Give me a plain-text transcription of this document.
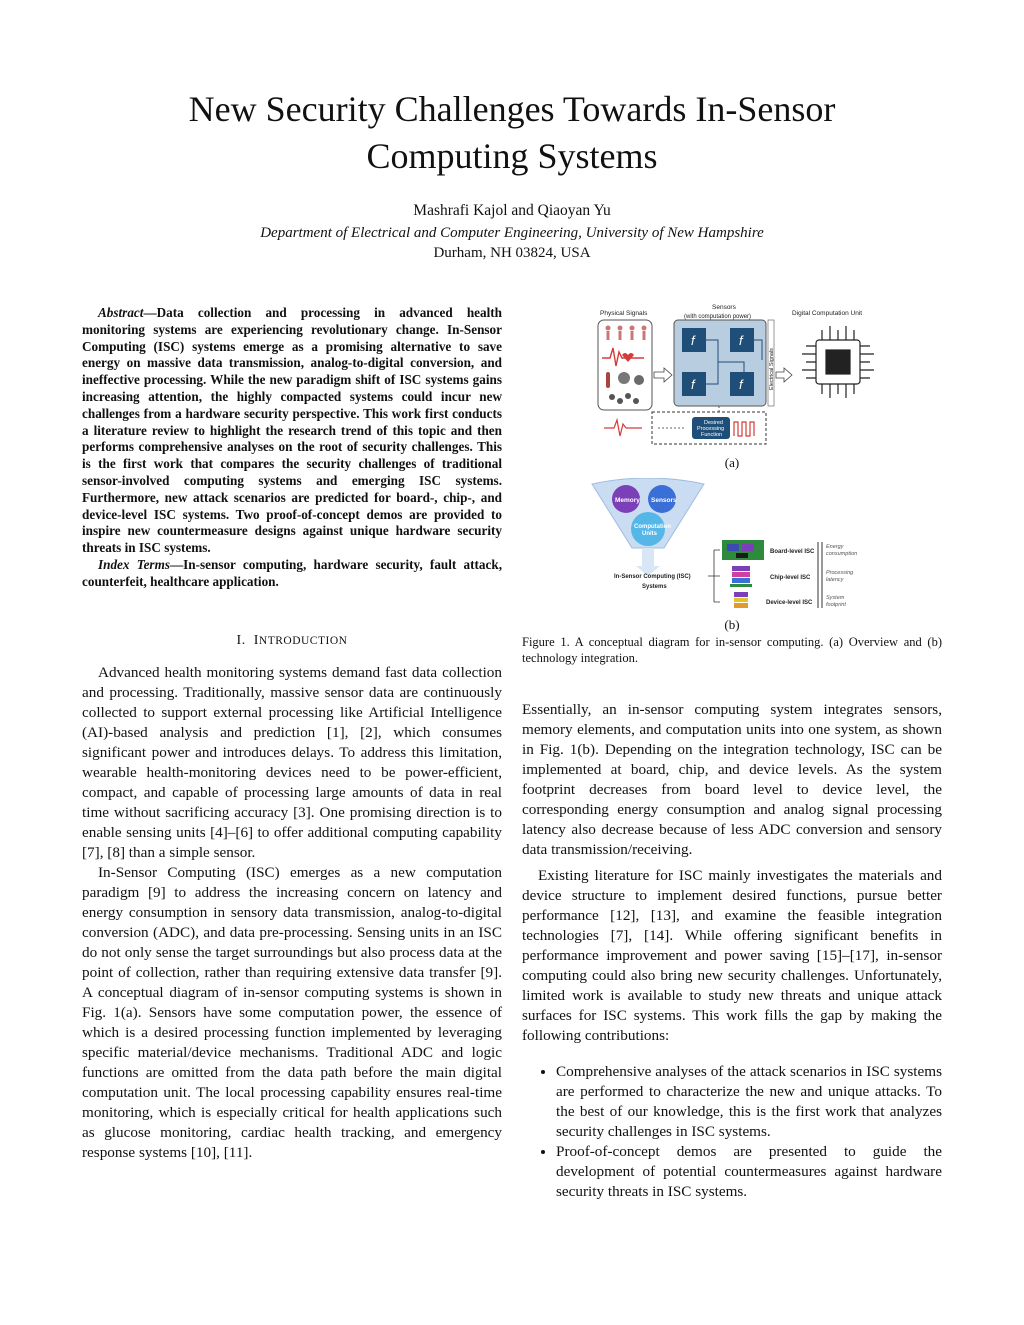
New Security Challenges Towards In-Sensor
Computing Systems
Mashrafi Kajol and Qiaoyan Yu
Department of Electrical and Computer Engineering, University of New Hampshire
Durham, NH 03824, USA

Abstract—Data collection and processing in advanced health monitoring systems are experiencing revolutionary change. In-Sensor Computing (ISC) systems emerge as a promising alternative to save energy on massive data transmission, analog-to-digital conversion, and ineffective processing. While the new paradigm shift of ISC systems gains increasing attention, the highly compacted systems could incur new challenges from a hardware security perspective. This work first conducts a literature review to highlight the research trend of this topic and then performs comprehensive analyses on the root of security challenges. This is the first work that compares the security challenges of traditional sensor-involved computing systems and emerging ISC systems. Furthermore, new attack scenarios are predicted for board-, chip-, and device-level ISC systems. Two proof-of-concept demos are provided to inspire new countermeasure designs against unique hardware security threats in ISC systems.

Index Terms—In-sensor computing, hardware security, fault attack, counterfeit, healthcare application.

I. INTRODUCTION

Advanced health monitoring systems demand fast data collection and processing. Traditionally, massive sensor data are continuously collected to support external processing like Artificial Intelligence (AI)-based analysis and prediction [1], [2], which consumes significant power and introduces delays. To address this limitation, wearable health-monitoring devices need to be power-efficient, compact, and capable of processing large amounts of data in real time without sacrificing accuracy [3]. One promising direction is to enable sensing units [4]–[6] to offer additional computing capability [7], [8] than a simple sensor.

In-Sensor Computing (ISC) emerges as a new computation paradigm [9] to address the increasing concern on latency and energy consumption in sensory data transmission, analog-to-digital conversion (ADC), and data pre-processing. Sensing units in an ISC do not only sense the target surroundings but also process data at the point of collection, rather than requiring extensive data transfer [9]. A conceptual diagram of in-sensor computing systems is shown in Fig. 1(a). Sensors have some computation power, the essence of which is a desired processing function implemented by leveraging specific material/device mechanisms. Traditional ADC and logic functions are omitted from the data path before the main digital computation unit. The local processing capability ensures real-time monitoring, which is especially critical for health applications such as glucose monitoring, cardiac health tracking, and emergency response systems [10], [11].

Physical Signals
Sensors
(with computation power)	Digital Computation Unit
f	f
f	f	Electrical Signals
Desired
Processing
Function
(a)
Memory Sensors
Computation
Units
In-Sensor Computing (ISC)
Systems
Board-level ISC
Chip-level ISC
Device-level ISC
Energy
consumption
Processing
latency
System
footprint
(b)
Figure 1. A conceptual diagram for in-sensor computing. (a) Overview and (b) technology integration.

Essentially, an in-sensor computing system integrates sensors, memory elements, and computation units into one system, as shown in Fig. 1(b). Depending on the integration technology, ISC can be implemented at board, chip, and device levels. As the system footprint decreases from board level to device level, the corresponding energy consumption and analog signal processing latency also decrease because of less ADC conversion and sensory data transmission/receiving.

Existing literature for ISC mainly investigates the materials and device structure to implement desired functions, pursue better performance [12], [13], and examine the feasible integration technologies [7], [14]. While offering significant benefits in performance improvement and power saving [15]–[17], in-sensor computing could also bring new security challenges. Unfortunately, limited work is available to study new threats and unique attack surfaces for ISC systems. This work fills the gap by making the following contributions:

• Comprehensive analyses of the attack scenarios in ISC systems are performed to characterize the new and unique attacks. To the best of our knowledge, this is the first work that analyzes security challenges in ISC systems.
• Proof-of-concept demos are presented to guide the development of potential countermeasures against hardware security threats in ISC systems.
